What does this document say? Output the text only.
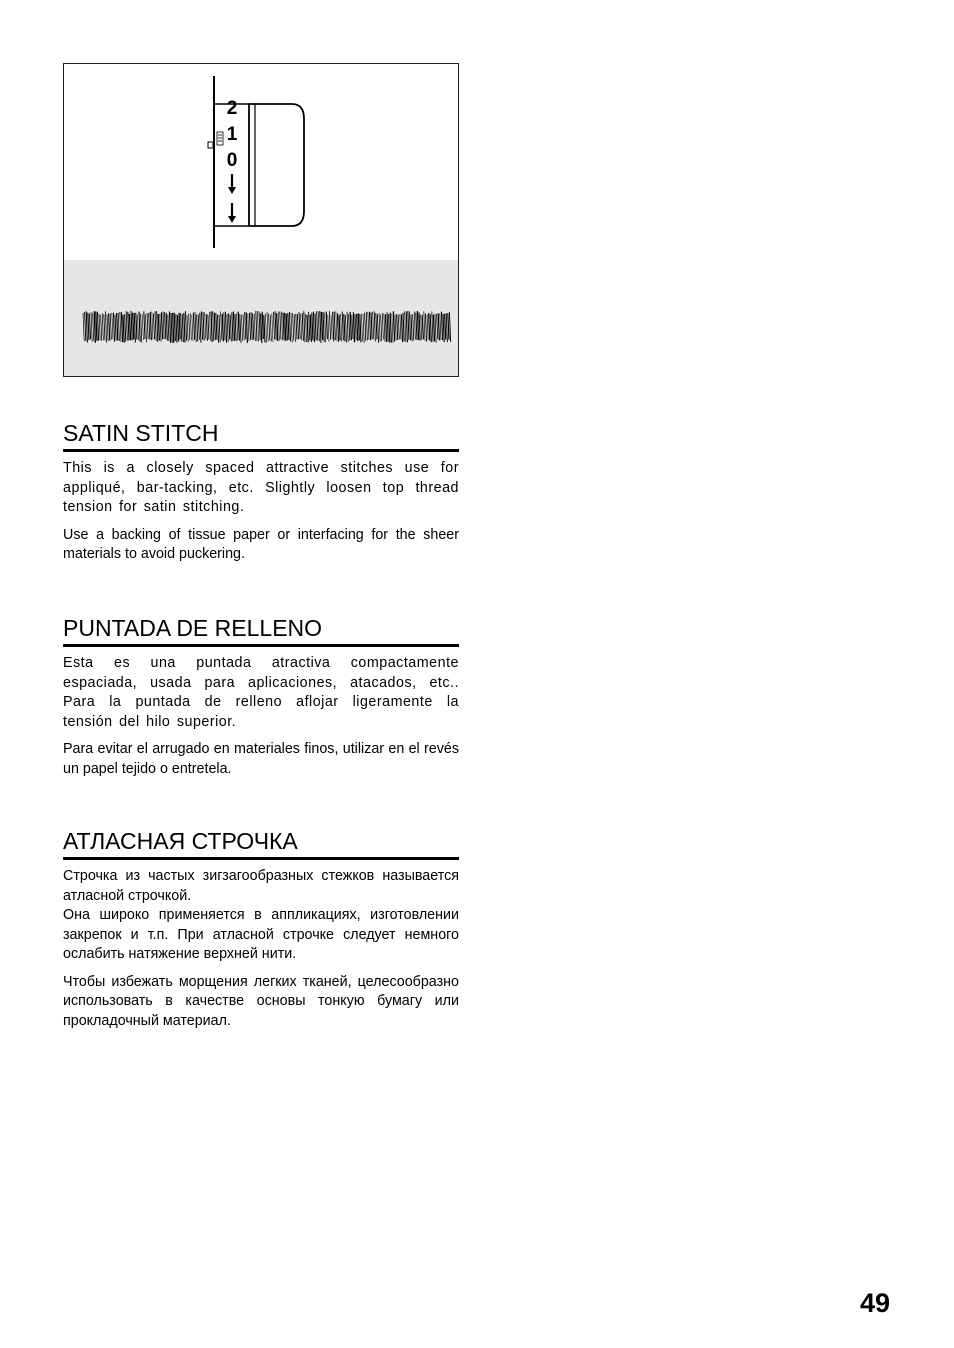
2
1
0
SATIN STITCH

This is a closely spaced attractive stitches use for appliqué, bar-tacking, etc. Slightly loosen top thread tension for satin stitching.

Use a backing of tissue paper or interfacing for the sheer materials to avoid puckering.

PUNTADA DE RELLENO

Esta es una puntada atractiva compactamente espaciada, usada para aplicaciones, atacados, etc.. Para la puntada de relleno aflojar ligeramente la tensión del hilo superior.

Para evitar el arrugado en materiales finos, utilizar en el revés un papel tejido o entretela.

АТЛАСНАЯ СТРОЧКА

Строчка из частых зигзагообразных стежков называется атласной строчкой.

Она широко применяется в аппликациях, изготовлении закрепок и т.п. При атласной строчке следует немного ослабить натяжение верхней нити.

Чтобы избежать морщения легких тканей, целесообразно использовать в качестве основы тонкую бумагу или прокладочный материал.

49
